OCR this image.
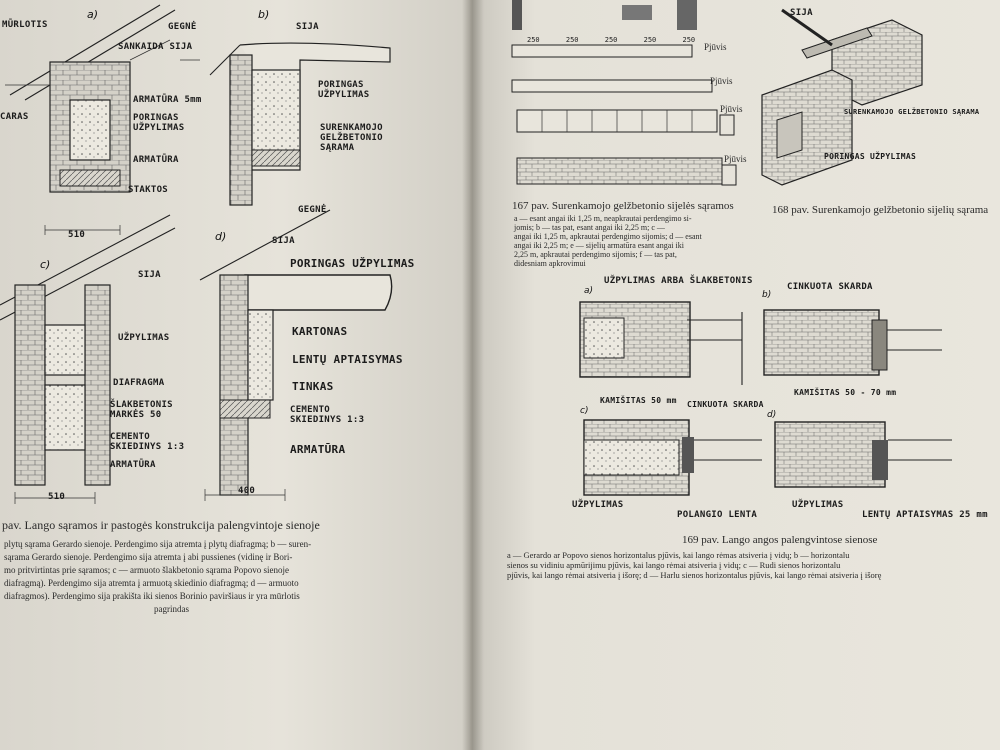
a)	b)
c)
d)
MŪRLOTIS	GEGNĖ
SANKAIDA SIJA
CARAS
ARMATŪRA 5mm
PORINGAS UŽPYLIMAS
ARMATŪRA
STAKTOS
510
SIJA
PORINGAS UŽPYLIMAS
SURENKAMOJO GELŽBETONIO SĄRAMA
GEGNĖ
SIJA
PORINGAS UŽPYLIMAS
SIJA
UŽPYLIMAS
DIAFRAGMA
ŠLAKBETONIS MARKĖS 50
CEMENTO SKIEDINYS 1:3
ARMATŪRA
510
KARTONAS
LENTŲ APTAISYMAS
TINKAS
CEMENTO SKIEDINYS 1:3
ARMATŪRA
400
pav. Lango sąramos ir pastogės konstrukcija palengvintoje sienoje
plytų sąrama Gerardo sienoje. Perdengimo sija atremta į plytų diafragmą; b — suren-
sąrama Gerardo sienoje. Perdengimo sija atremta į abi pussienes (vidinę ir Bori-
mo pritvirtintas prie sąramos; c — armuoto šlakbetonio sąrama Popovo sienoje
diafragmą). Perdengimo sija atremta į armuotą skiedinio diafragmą; d — armuoto
diafragmos). Perdengimo sija prakišta iki sienos Borinio paviršiaus ir yra mūrlotis
pagrindas
250	250	250	250	250
Pjūvis
Pjūvis
Pjūvis
Pjūvis
167 pav. Surenkamojo gelžbetonio sijelės sąramos
a — esant angai iki 1,25 m, neapkrautai perdengimo si-
jomis; b — tas pat, esant angai iki 2,25 m; c —
angai iki 1,25 m, apkrautai perdengimo sijomis; d — esant
angai iki 2,25 m; e — sijelių armatūra esant angai iki
2,25 m, apkrautai perdengimo sijomis; f — tas pat,
didesniam apkrovimui
SIJA
SURENKAMOJO GELŽBETONIO SĄRAMA
PORINGAS UŽPYLIMAS
168 pav. Surenkamojo gelžbetonio sijelių sąrama
a)	b)
c)	d)
UŽPYLIMAS ARBA ŠLAKBETONIS
CINKUOTA SKARDA
KAMIŠITAS 50 - 70 mm
KAMIŠITAS 50 mm CINKUOTA SKARDA
UŽPYLIMAS
POLANGIO LENTA
UŽPYLIMAS
LENTŲ APTAISYMAS 25 mm
169 pav. Lango angos palengvintose sienose
a — Gerardo ar Popovo sienos horizontalus pjūvis, kai lango rėmas atsiveria į vidų; b — horizontalu
sienos su vidiniu apmūrijimu pjūvis, kai lango rėmai atsiveria į vidų; c — Rudi sienos horizontalu
pjūvis, kai lango rėmai atsiveria į išorę; d — Harlu sienos horizontalus pjūvis, kai lango rėmai atsiveria į išorę
